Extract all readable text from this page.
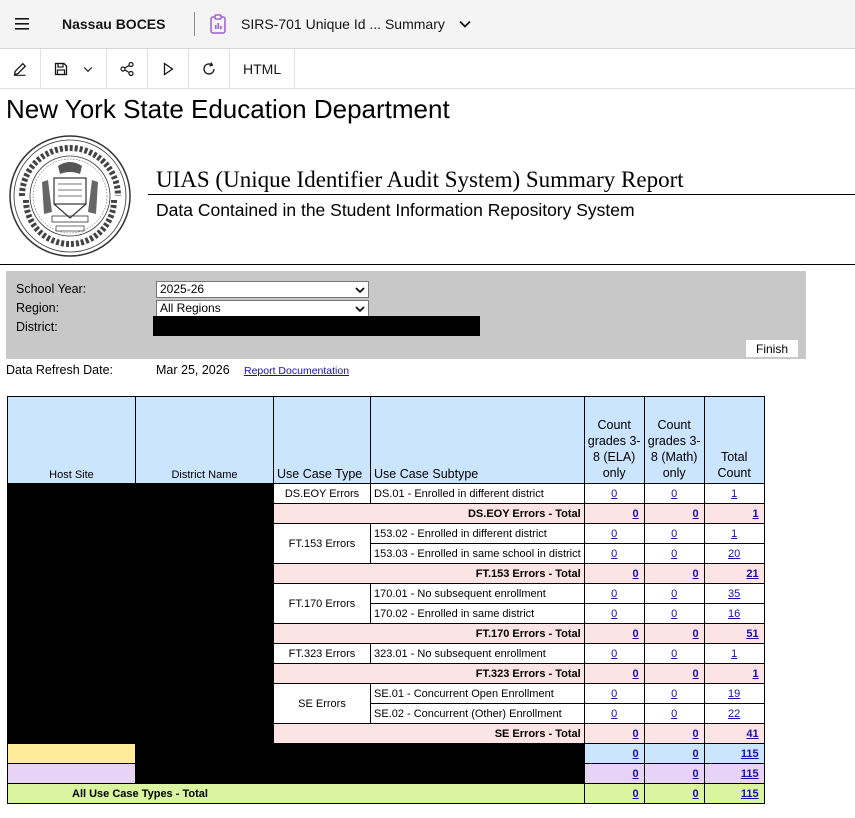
Nassau BOCES	SIRS-701 Unique Id ... Summary
HTML
New York State Education Department
UIAS (Unique Identifier Audit System) Summary Report
Data Contained in the Student Information Repository System
School Year:	2025-26
Region:	All Regions
District:
Finish
Data Refresh Date:	Mar 25, 2026 Report Documentation
Host Site	District Name	Use Case Type	Use Case Subtype	Count grades 3-8 (ELA) only	Count grades 3-8 (Math) only	Total Count
		DS.EOY Errors	DS.01 - Enrolled in different district	0	0	1
		DS.EOY Errors - Total		0	0	1
		FT.153 Errors	153.02 - Enrolled in different district	0	0	1
			153.03 - Enrolled in same school in district	0	0	20
		FT.153 Errors - Total		0	0	21
		FT.170 Errors	170.01 - No subsequent enrollment	0	0	35
			170.02 - Enrolled in same district	0	0	16
		FT.170 Errors - Total		0	0	51
		FT.323 Errors	323.01 - No subsequent enrollment	0	0	1
		FT.323 Errors - Total		0	0	1
		SE Errors	SE.01 - Concurrent Open Enrollment	0	0	19
			SE.02 - Concurrent (Other) Enrollment	0	0	22
		SE Errors - Total		0	0	41
				0	0	115
				0	0	115
All Use Case Types - Total				0	0	115
